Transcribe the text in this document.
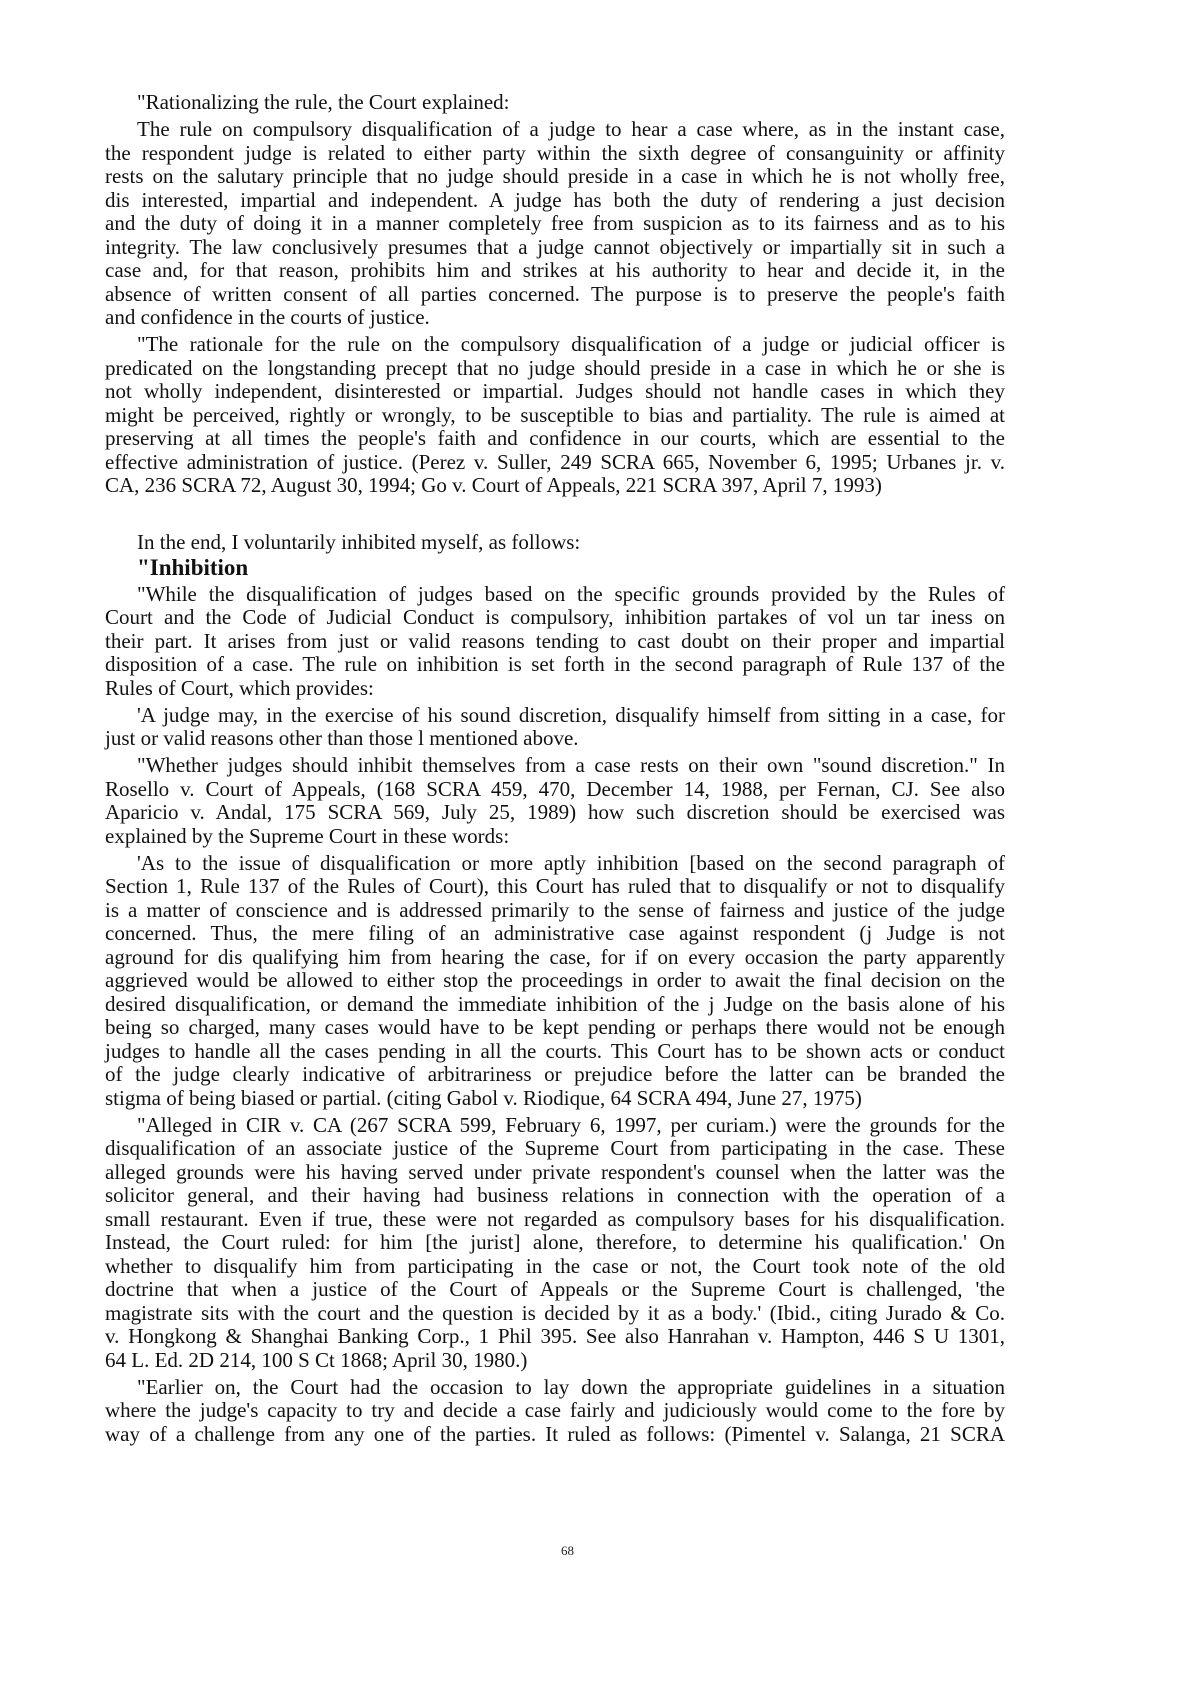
"Rationalizing the rule, the Court explained:
The rule on compulsory disqualification of a judge to hear a case where, as in the instant case,
the respondent judge is related to either party within the sixth degree of consanguinity or affinity
rests on the salutary principle that no judge should preside in a case in which he is not wholly free,
dis interested, impartial and independent. A judge has both the duty of rendering a just decision
and the duty of doing it in a manner completely free from suspicion as to its fairness and as to his
integrity. The law conclusively presumes that a judge cannot objectively or impartially sit in such a
case and, for that reason, prohibits him and strikes at his authority to hear and decide it, in the
absence of written consent of all parties concerned. The purpose is to preserve the people's faith
and confidence in the courts of justice.
"The rationale for the rule on the compulsory disqualification of a judge or judicial officer is
predicated on the longstanding precept that no judge should preside in a case in which he or she is
not wholly independent, disinterested or impartial. Judges should not handle cases in which they
might be perceived, rightly or wrongly, to be susceptible to bias and partiality. The rule is aimed at
preserving at all times the people's faith and confidence in our courts, which are essential to the
effective administration of justice. (Perez v. Suller, 249 SCRA 665, November 6, 1995; Urbanes jr. v.
CA, 236 SCRA 72, August 30, 1994; Go v. Court of Appeals, 221 SCRA 397, April 7, 1993)
In the end, I voluntarily inhibited myself, as follows:
"Inhibition
"While the disqualification of judges based on the specific grounds provided by the Rules of
Court and the Code of Judicial Conduct is compulsory, inhibition partakes of vol un tar iness on
their part. It arises from just or valid reasons tending to cast doubt on their proper and impartial
disposition of a case. The rule on inhibition is set forth in the second paragraph of Rule 137 of the
Rules of Court, which provides:
'A judge may, in the exercise of his sound discretion, disqualify himself from sitting in a case, for
just or valid reasons other than those l mentioned above.
"Whether judges should inhibit themselves from a case rests on their own "sound discretion." In
Rosello v. Court of Appeals, (168 SCRA 459, 470, December 14, 1988, per Fernan, CJ. See also
Aparicio v. Andal, 175 SCRA 569, July 25, 1989) how such discretion should be exercised was
explained by the Supreme Court in these words:
'As to the issue of disqualification or more aptly inhibition [based on the second paragraph of
Section 1, Rule 137 of the Rules of Court), this Court has ruled that to disqualify or not to disqualify
is a matter of conscience and is addressed primarily to the sense of fairness and justice of the judge
concerned. Thus, the mere filing of an administrative case against respondent (j Judge is not
aground for dis qualifying him from hearing the case, for if on every occasion the party apparently
aggrieved would be allowed to either stop the proceedings in order to await the final decision on the
desired disqualification, or demand the immediate inhibition of the j Judge on the basis alone of his
being so charged, many cases would have to be kept pending or perhaps there would not be enough
judges to handle all the cases pending in all the courts. This Court has to be shown acts or conduct
of the judge clearly indicative of arbitrariness or prejudice before the latter can be branded the
stigma of being biased or partial. (citing Gabol v. Riodique, 64 SCRA 494, June 27, 1975)
"Alleged in CIR v. CA (267 SCRA 599, February 6, 1997, per curiam.) were the grounds for the
disqualification of an associate justice of the Supreme Court from participating in the case. These
alleged grounds were his having served under private respondent's counsel when the latter was the
solicitor general, and their having had business relations in connection with the operation of a
small restaurant. Even if true, these were not regarded as compulsory bases for his disqualification.
Instead, the Court ruled: for him [the jurist] alone, therefore, to determine his qualification.' On
whether to disqualify him from participating in the case or not, the Court took note of the old
doctrine that when a justice of the Court of Appeals or the Supreme Court is challenged, 'the
magistrate sits with the court and the question is decided by it as a body.' (Ibid., citing Jurado & Co.
v. Hongkong & Shanghai Banking Corp., 1 Phil 395. See also Hanrahan v. Hampton, 446 S U 1301,
64 L. Ed. 2D 214, 100 S Ct 1868; April 30, 1980.)
"Earlier on, the Court had the occasion to lay down the appropriate guidelines in a situation
where the judge's capacity to try and decide a case fairly and judiciously would come to the fore by
way of a challenge from any one of the parties. It ruled as follows: (Pimentel v. Salanga, 21 SCRA
68
